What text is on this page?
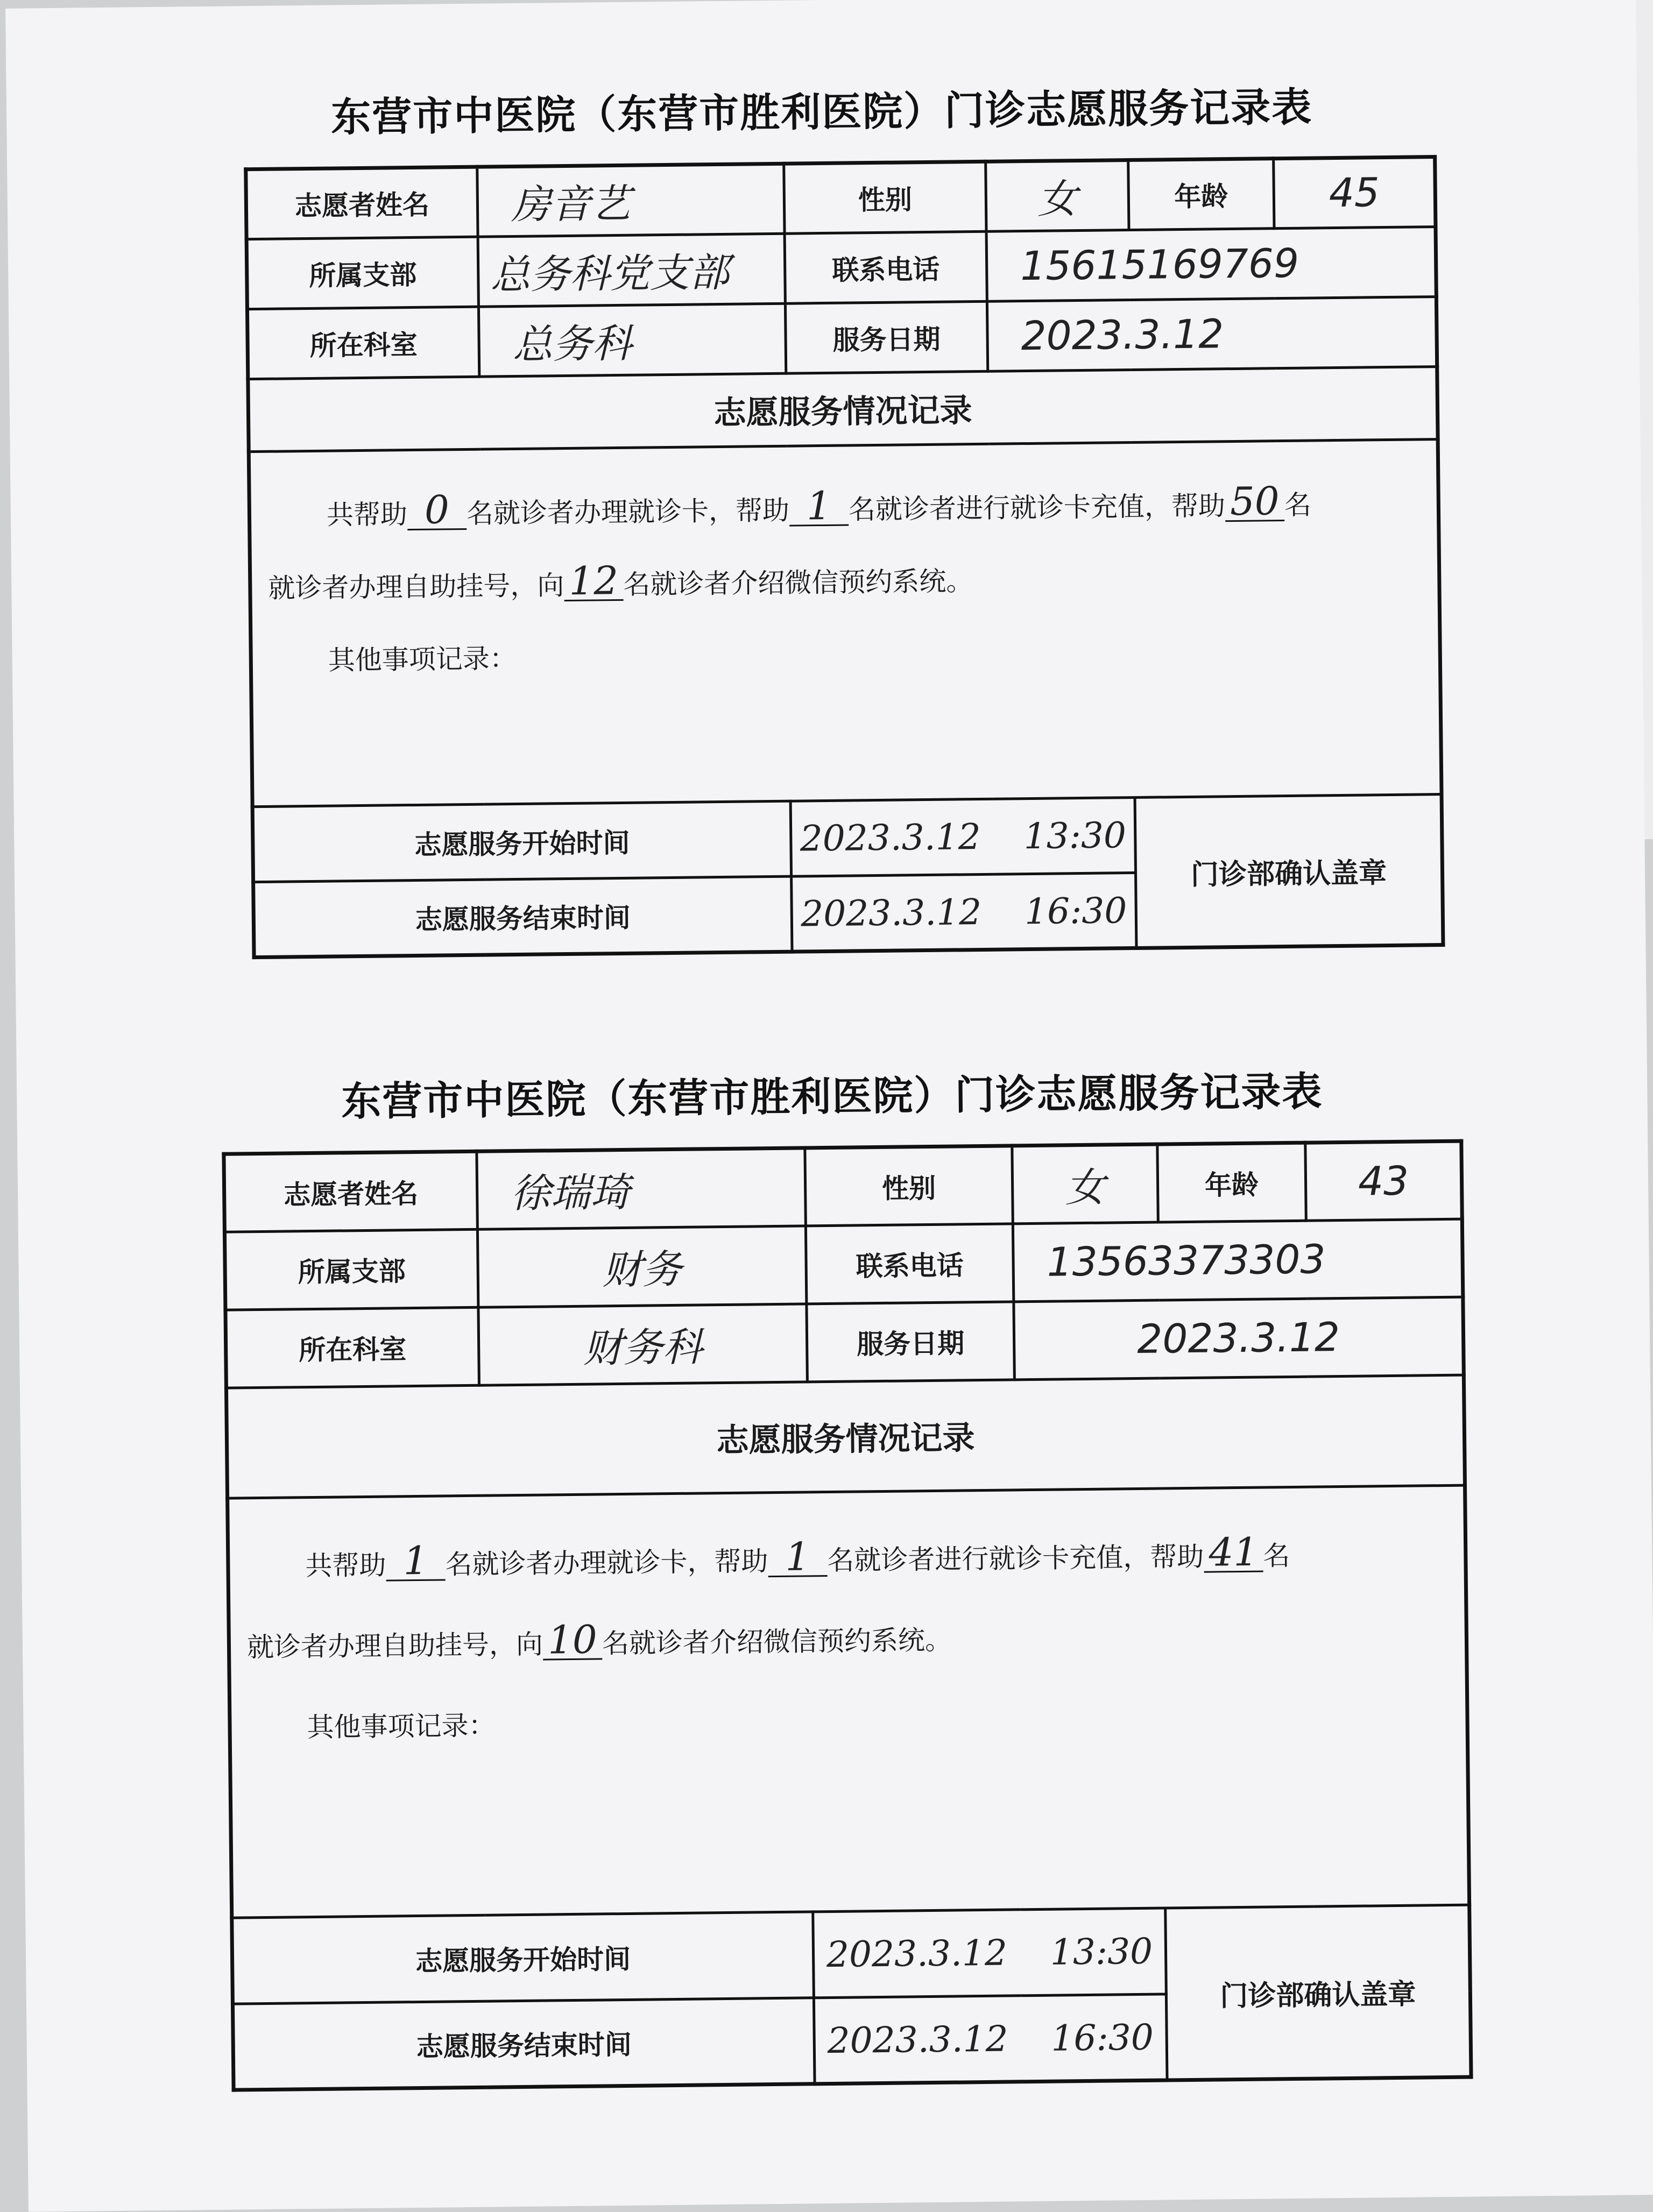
东营市中医院（东营市胜利医院）门诊志愿服务记录表
志愿者姓名	房音艺	性别	女	年龄	45
所属支部	总务科党支部	联系电话	15615169769		
所在科室	总务科	服务日期	2023.3.12		
志愿服务情况记录					
共帮助 0 名就诊者办理就诊卡，帮助 1 名就诊者进行就诊卡充值，帮助 50 名
就诊者办理自助挂号，向 12 名就诊者介绍微信预约系统。
其他事项记录：					
志愿服务开始时间		2023.3.12 13:30		门诊部确认盖章	
志愿服务结束时间		2023.3.12 16:30			
东营市中医院（东营市胜利医院）门诊志愿服务记录表
志愿者姓名	徐瑞琦	性别	女	年龄	43
所属支部	财务	联系电话	13563373303		
所在科室	财务科	服务日期	2023.3.12		
志愿服务情况记录					
共帮助 1 名就诊者办理就诊卡，帮助 1 名就诊者进行就诊卡充值，帮助 41 名
就诊者办理自助挂号，向 10 名就诊者介绍微信预约系统。
其他事项记录：					
志愿服务开始时间		2023.3.12 13:30		门诊部确认盖章	
志愿服务结束时间		2023.3.12 16:30			
